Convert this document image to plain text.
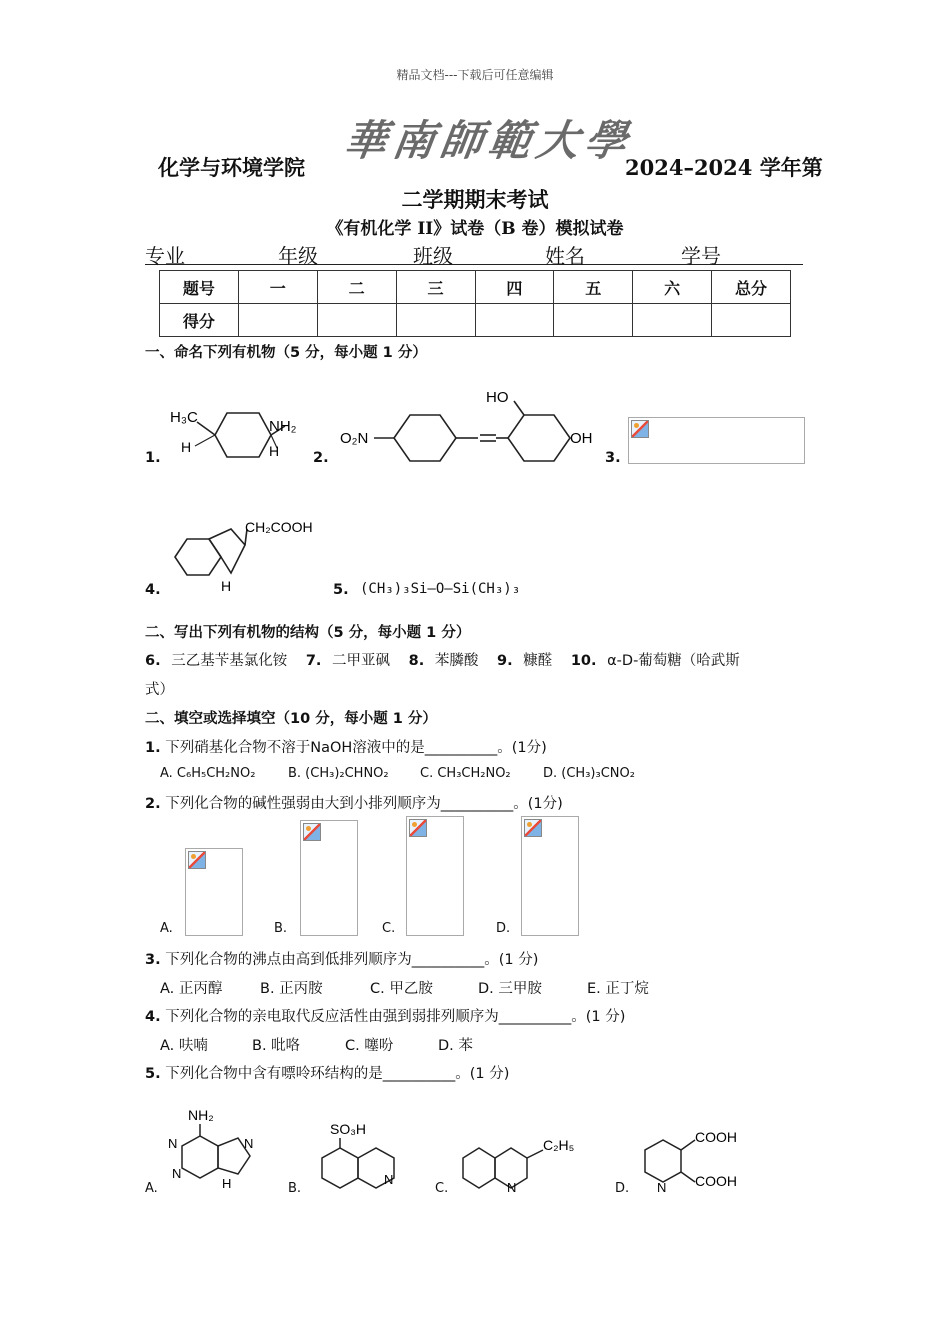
精品文档---下载后可任意编辑
華南師範大學
化学与环境学院	2024–2024 学年第
二学期期末考试
《有机化学 II》试卷（B 卷）模拟试卷
专业	年级	班级	姓名	学号
题号	一	二	三	四	五	六	总分
得分							
一、命名下列有机物（5 分，每小题 1 分）
1.
H₃C
H
NH₂
H 2.
O₂N
HO
OH
3.
4.
CH₂COOH
H	5. (CH₃)₃Si—O—Si(CH₃)₃
二、写出下列有机物的结构（5 分，每小题 1 分）
6. 三乙基苄基氯化铵 7. 二甲亚砜 8. 苯膦酸 9. 糠醛 10. α-D-葡萄糖（哈武斯
式）
二、填空或选择填空（10 分，每小题 1 分）
1. 下列硝基化合物不溶于NaOH溶液中的是__________。(1分)
A. C₆H₅CH₂NO₂	B. (CH₃)₂CHNO₂ C. CH₃CH₂NO₂ D. (CH₃)₃CNO₂
2. 下列化合物的碱性强弱由大到小排列顺序为__________。(1分)
A.	B.	C.	D.
3. 下列化合物的沸点由高到低排列顺序为__________。(1 分)
A. 正丙醇	B. 正丙胺	C. 甲乙胺	D. 三甲胺	E. 正丁烷
4. 下列化合物的亲电取代反应活性由强到弱排列顺序为__________。(1 分)
A. 呋喃	B. 吡咯	C. 噻吩	D. 苯
5. 下列化合物中含有嘌呤环结构的是__________。(1 分)
A.
NH₂
N
N
N
H	B.
SO₃H
N
C.
C₂H₅
N	D.
COOH
COOH
N
